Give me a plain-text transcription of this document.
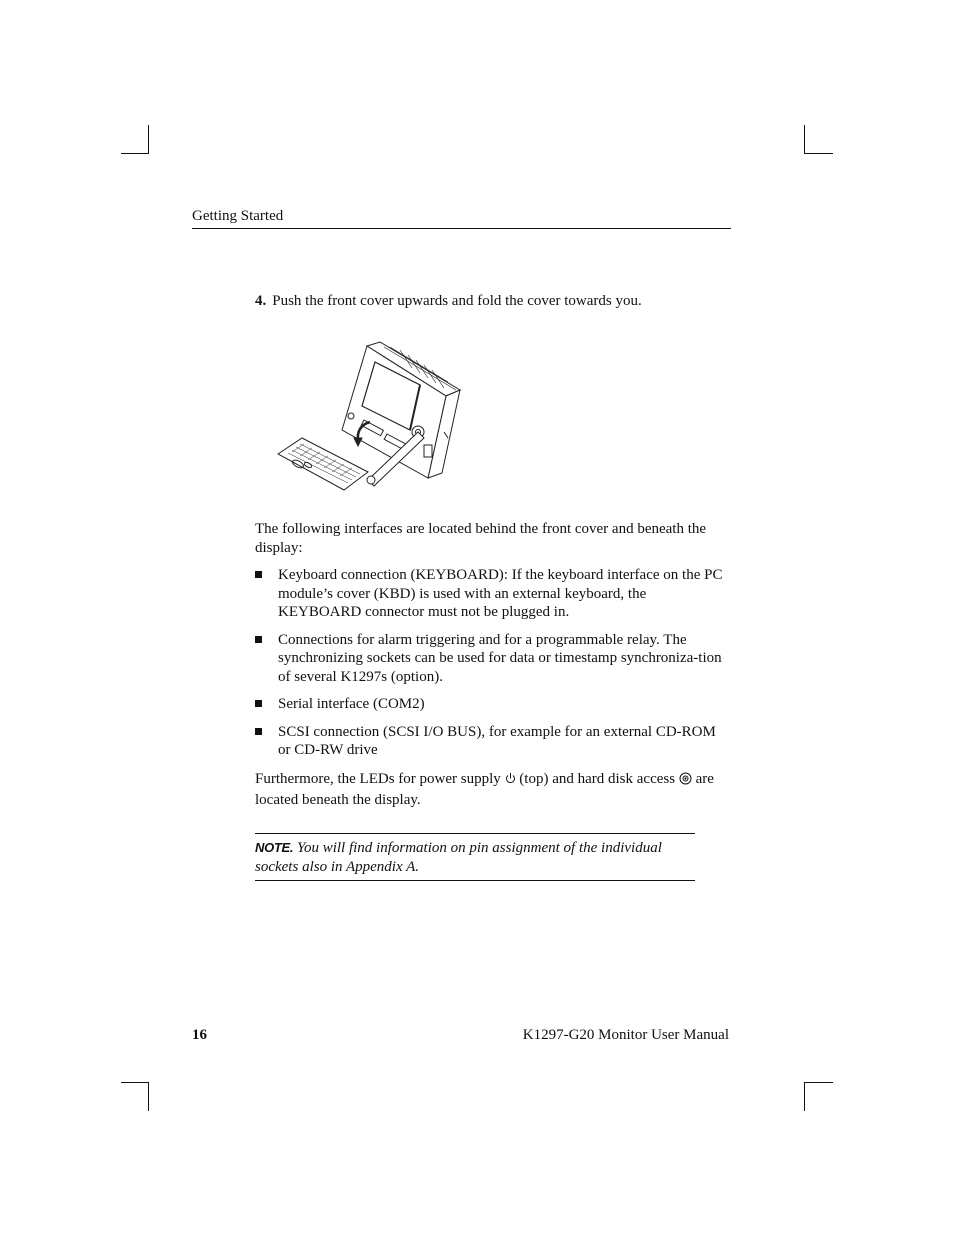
Getting Started
4. Push the front cover upwards and fold the cover towards you.
The following interfaces are located behind the front cover and beneath the display:
Keyboard connection (KEYBOARD): If the keyboard interface on the PC module’s cover (KBD) is used with an external keyboard, the KEYBOARD connector must not be plugged in.
Connections for alarm triggering and for a programmable relay. The synchronizing sockets can be used for data or timestamp synchroniza-tion of several K1297s (option).
Serial interface (COM2)
SCSI connection (SCSI I/O BUS), for example for an external CD-ROM or CD-RW drive
Furthermore, the LEDs for power supply (top) and hard disk access are located beneath the display.
NOTE. You will find information on pin assignment of the individual sockets also in Appendix A.
16	K1297-G20 Monitor User Manual
